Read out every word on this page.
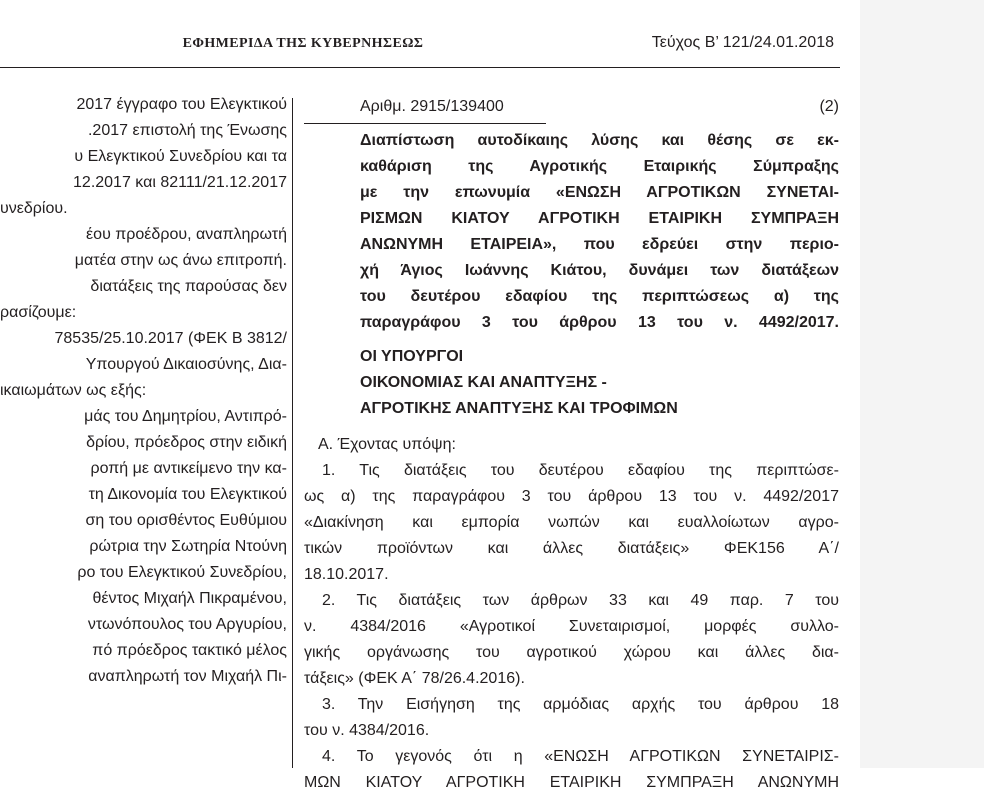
ΕΦΗΜΕΡΙΔΑ ΤΗΣ ΚΥΒΕΡΝΗΣΕΩΣ	Τεύχος Β’ 121/24.01.2018
2017 έγγραφο του Ελεγκτικού
.2017 επιστολή της Ένωσης
υ Ελεγκτικού Συνεδρίου και τα
12.2017 και 82111/21.12.2017
υνεδρίου.
έου προέδρου, αναπληρωτή
ματέα στην ως άνω επιτροπή.
διατάξεις της παρούσας δεν
ρασίζουμε:
78535/25.10.2017 (ΦΕΚ Β 3812/
Υπουργού Δικαιοσύνης, Δια-
ικαιωμάτων ως εξής:
μάς του Δημητρίου, Αντιπρό-
δρίου, πρόεδρος στην ειδική
ροπή με αντικείμενο την κα-
τη Δικονομία του Ελεγκτικού
ση του ορισθέντος Ευθύμιου
ρώτρια την Σωτηρία Ντούνη
ρο του Ελεγκτικού Συνεδρίου,
θέντος Μιχαήλ Πικραμένου,
ντωνόπουλος του Αργυρίου,
πό πρόεδρος τακτικό μέλος
αναπληρωτή τον Μιχαήλ Πι-
Αριθμ. 2915/139400	(2)
Διαπίστωση αυτοδίκαιης λύσης και θέσης σε εκ-
καθάριση της Αγροτικής Εταιρικής Σύμπραξης
με την επωνυμία «ΕΝΩΣΗ ΑΓΡΟΤΙΚΩΝ ΣΥΝΕΤΑΙ-
ΡΙΣΜΩΝ ΚΙΑΤΟΥ ΑΓΡΟΤΙΚΗ ΕΤΑΙΡΙΚΗ ΣΥΜΠΡΑΞΗ
ΑΝΩΝΥΜΗ ΕΤΑΙΡΕΙΑ», που εδρεύει στην περιο-
χή Άγιος Ιωάννης Κιάτου, δυνάμει των διατάξεων
του δευτέρου εδαφίου της περιπτώσεως α) της
παραγράφου 3 του άρθρου 13 του ν. 4492/2017.
ΟΙ ΥΠΟΥΡΓΟΙ
ΟΙΚΟΝΟΜΙΑΣ ΚΑΙ ΑΝΑΠΤΥΞΗΣ -
ΑΓΡΟΤΙΚΗΣ ΑΝΑΠΤΥΞΗΣ ΚΑΙ ΤΡΟΦΙΜΩΝ
Α. Έχοντας υπόψη:
1. Τις διατάξεις του δευτέρου εδαφίου της περιπτώσε-
ως α) της παραγράφου 3 του άρθρου 13 του ν. 4492/2017
«Διακίνηση και εμπορία νωπών και ευαλλοίωτων αγρο-
τικών προϊόντων και άλλες διατάξεις» ΦΕΚ156 Α΄/
18.10.2017.
2. Τις διατάξεις των άρθρων 33 και 49 παρ. 7 του
ν. 4384/2016 «Αγροτικοί Συνεταιρισμοί, μορφές συλλο-
γικής οργάνωσης του αγροτικού χώρου και άλλες δια-
τάξεις» (ΦΕΚ Α΄ 78/26.4.2016).
3. Την Εισήγηση της αρμόδιας αρχής του άρθρου 18
του ν. 4384/2016.
4. Το γεγονός ότι η «ΕΝΩΣΗ ΑΓΡΟΤΙΚΩΝ ΣΥΝΕΤΑΙΡΙΣ-
ΜΩΝ ΚΙΑΤΟΥ ΑΓΡΟΤΙΚΗ ΕΤΑΙΡΙΚΗ ΣΥΜΠΡΑΞΗ ΑΝΩΝΥΜΗ
